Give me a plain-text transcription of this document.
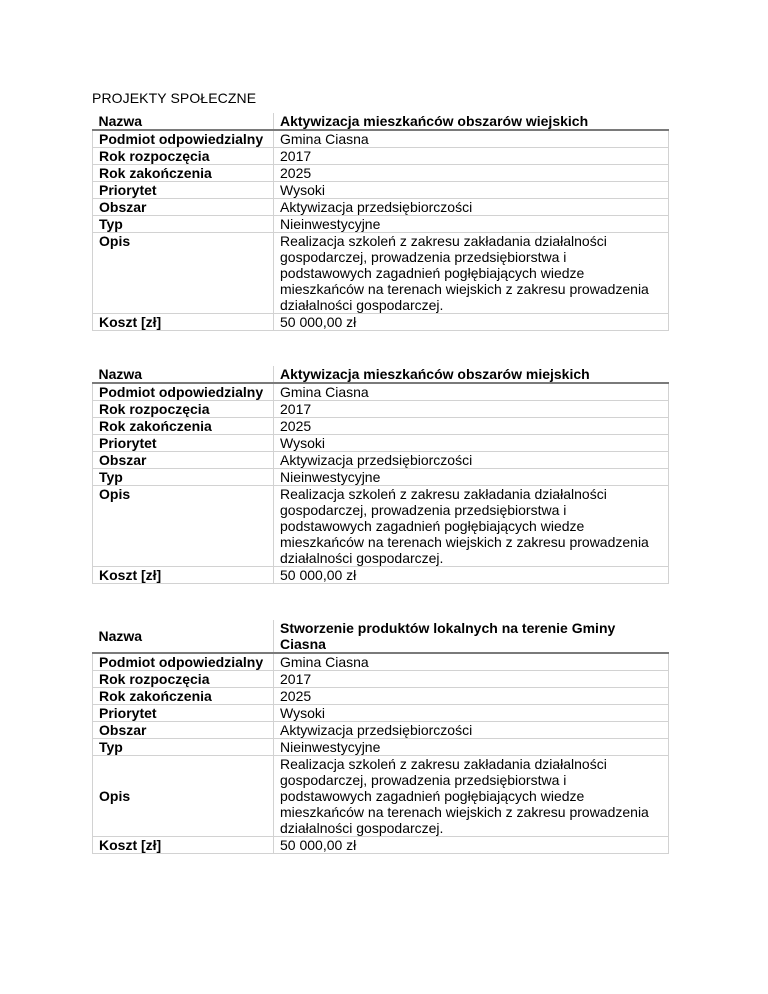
PROJEKTY SPOŁECZNE
Nazwa	Aktywizacja mieszkańców obszarów wiejskich
Podmiot odpowiedzialny	Gmina Ciasna
Rok rozpoczęcia	2017
Rok zakończenia	2025
Priorytet	Wysoki
Obszar	Aktywizacja przedsiębiorczości
Typ	Nieinwestycyjne
Opis	Realizacja szkoleń z zakresu zakładania działalności gospodarczej, prowadzenia przedsiębiorstwa i podstawowych zagadnień pogłębiających wiedze mieszkańców na terenach wiejskich z zakresu prowadzenia działalności gospodarczej.
Koszt [zł]	50 000,00 zł
Nazwa	Aktywizacja mieszkańców obszarów miejskich
Podmiot odpowiedzialny	Gmina Ciasna
Rok rozpoczęcia	2017
Rok zakończenia	2025
Priorytet	Wysoki
Obszar	Aktywizacja przedsiębiorczości
Typ	Nieinwestycyjne
Opis	Realizacja szkoleń z zakresu zakładania działalności gospodarczej, prowadzenia przedsiębiorstwa i podstawowych zagadnień pogłębiających wiedze mieszkańców na terenach wiejskich z zakresu prowadzenia działalności gospodarczej.
Koszt [zł]	50 000,00 zł
Nazwa	Stworzenie produktów lokalnych na terenie Gminy Ciasna
Podmiot odpowiedzialny	Gmina Ciasna
Rok rozpoczęcia	2017
Rok zakończenia	2025
Priorytet	Wysoki
Obszar	Aktywizacja przedsiębiorczości
Typ	Nieinwestycyjne
Opis	Realizacja szkoleń z zakresu zakładania działalności gospodarczej, prowadzenia przedsiębiorstwa i podstawowych zagadnień pogłębiających wiedze mieszkańców na terenach wiejskich z zakresu prowadzenia działalności gospodarczej.
Koszt [zł]	50 000,00 zł
